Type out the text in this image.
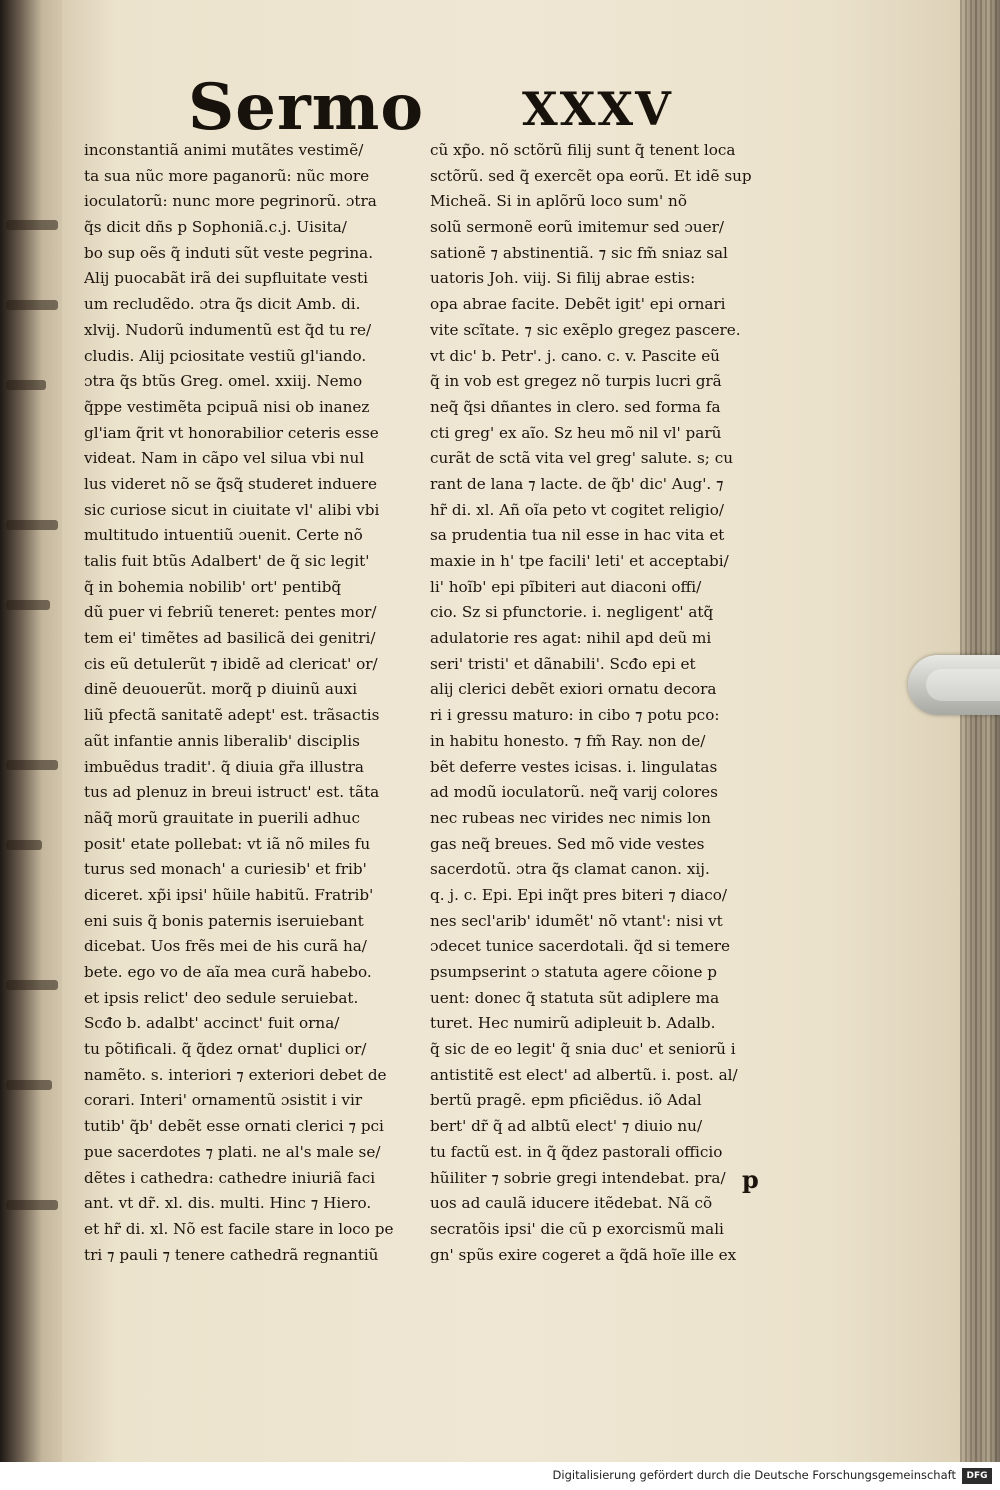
Sermo XXXV
inconstantiã animi mutãtes vestimẽ/
ta sua nũc more paganorũ: nũc more
ioculatorũ: nunc more pegrinorũ. ɔtra
q̃s dicit dñs p Sophoniã.c.j. Uisita/
bo sup oẽs q̃ induti sũt veste pegrina.
Alij puocabãt irã dei supfluitate vesti
um recludẽdo. ɔtra q̃s dicit Amb. di.
xlvij. Nudorũ indumentũ est q̃d tu re/
cludis. Alij pciositate vestiũ gl'iando.
ɔtra q̃s btũs Greg. omel. xxiij. Nemo
q̃ppe vestimẽta pcipuã nisi ob inanez
gl'iam q̃rit vt honorabilior ceteris esse
videat. Nam in cãpo vel silua vbi nul
lus videret nõ se q̃sq̃ studeret induere
sic curiose sicut in ciuitate vl' alibi vbi
multitudo intuentiũ ɔuenit. Certe nõ
talis fuit btũs Adalbert' de q̃ sic legit'
q̃ in bohemia nobilib' ort' pentibq̃
dũ puer vi febriũ teneret: pentes mor/
tem ei' timẽtes ad basilicã dei genitri/
cis eũ detulerũt ⁊ ibidẽ ad clericat' or/
dinẽ deuouerũt. morq̃ p diuinũ auxi
liũ pfectã sanitatẽ adept' est. trãsactis
aũt infantie annis liberalib' disciplis
imbuẽdus tradit'. q̃ diuia gr̃a illustra
tus ad plenuz in breui istruct' est. tãta
nãq̃ morũ grauitate in puerili adhuc
posit' etate pollebat: vt iã nõ miles fu
turus sed monach' a curiesib' et frib'
diceret. xp̃i ipsi' hũile habitũ. Fratrib'
eni suis q̃ bonis paternis iseruiebant
dicebat. Uos frẽs mei de his curã ha/
bete. ego vo de aĩa mea curã habebo.
et ipsis relict' deo sedule seruiebat.
Scđo b. adalbt' accinct' fuit orna/
tu põtificali. q̃ q̃dez ornat' duplici or/
namẽto. s. interiori ⁊ exteriori debet de
corari. Interi' ornamentũ ɔsistit i vir
tutib' q̃b' debẽt esse ornati clerici ⁊ pci
pue sacerdotes ⁊ plati. ne al's male se/
dẽtes i cathedra: cathedre iniuriã faci
ant. vt dr̃. xl. dis. multi. Hinc ⁊ Hiero.
et hr̃ di. xl. Nõ est facile stare in loco pe
tri ⁊ pauli ⁊ tenere cathedrã regnantiũ
cũ xp̃o. nõ sctõrũ filij sunt q̃ tenent loca
sctõrũ. sed q̃ exercẽt opa eorũ. Et idẽ sup
Micheã. Si in aplõrũ loco sum' nõ
solũ sermonẽ eorũ imitemur sed ɔuer/
sationẽ ⁊ abstinentiã. ⁊ sic fm̃ sniaz sal
uatoris Joh. viij. Si filij abrae estis:
opa abrae facite. Debẽt igit' epi ornari
vite scĩtate. ⁊ sic exẽplo gregez pascere.
vt dic' b. Petr'. j. cano. c. v. Pascite eũ
q̃ in vob est gregez nõ turpis lucri grã
neq̃ q̃si dñantes in clero. sed forma fa
cti greg' ex aĩo. Sz heu mõ nil vl' parũ
curãt de sctã vita vel greg' salute. s; cu
rant de lana ⁊ lacte. de q̃b' dic' Aug'. ⁊
hr̃ di. xl. Añ oĩa peto vt cogitet religio/
sa prudentia tua nil esse in hac vita et
maxie in h' tpe facili' leti' et acceptabi/
li' hoĩb' epi pĩbiteri aut diaconi offi/
cio. Sz si pfunctorie. i. negligent' atq̃
adulatorie res agat: nihil apd deũ mi
seri' tristi' et dãnabili'. Scđo epi et
alij clerici debẽt exiori ornatu decora
ri i gressu maturo: in cibo ⁊ potu pco:
in habitu honesto. ⁊ fm̃ Ray. non de/
bẽt deferre vestes icisas. i. lingulatas
ad modũ ioculatorũ. neq̃ varij colores
nec rubeas nec virides nec nimis lon
gas neq̃ breues. Sed mõ vide vestes
sacerdotũ. ɔtra q̃s clamat canon. xij.
q. j. c. Epi. Epi inq̃t pres biteri ⁊ diaco/
nes secl'arib' idumẽt' nõ vtant': nisi vt
ɔdecet tunice sacerdotali. q̃d si temere
psumpserint ɔ statuta agere cõione p
uent: donec q̃ statuta sũt adiplere ma
turet. Hec numirũ adipleuit b. Adalb.
q̃ sic de eo legit' q̃ snia duc' et seniorũ i
antistitẽ est elect' ad albertũ. i. post. al/
bertũ pragẽ. epm pficiẽdus. iõ Adal
bert' dr̃ q̃ ad albtũ elect' ⁊ diuio nu/
tu factũ est. in q̃ q̃dez pastorali officio
hũiliter ⁊ sobrie gregi intendebat. pra/
uos ad caulã iducere itẽdebat. Nã cõ
secratõis ipsi' die cũ p exorcismũ mali
gn' spũs exire cogeret a q̃dã hoĩe ille ex
p
Digitalisierung gefördert durch die Deutsche Forschungsgemeinschaft	DFG
